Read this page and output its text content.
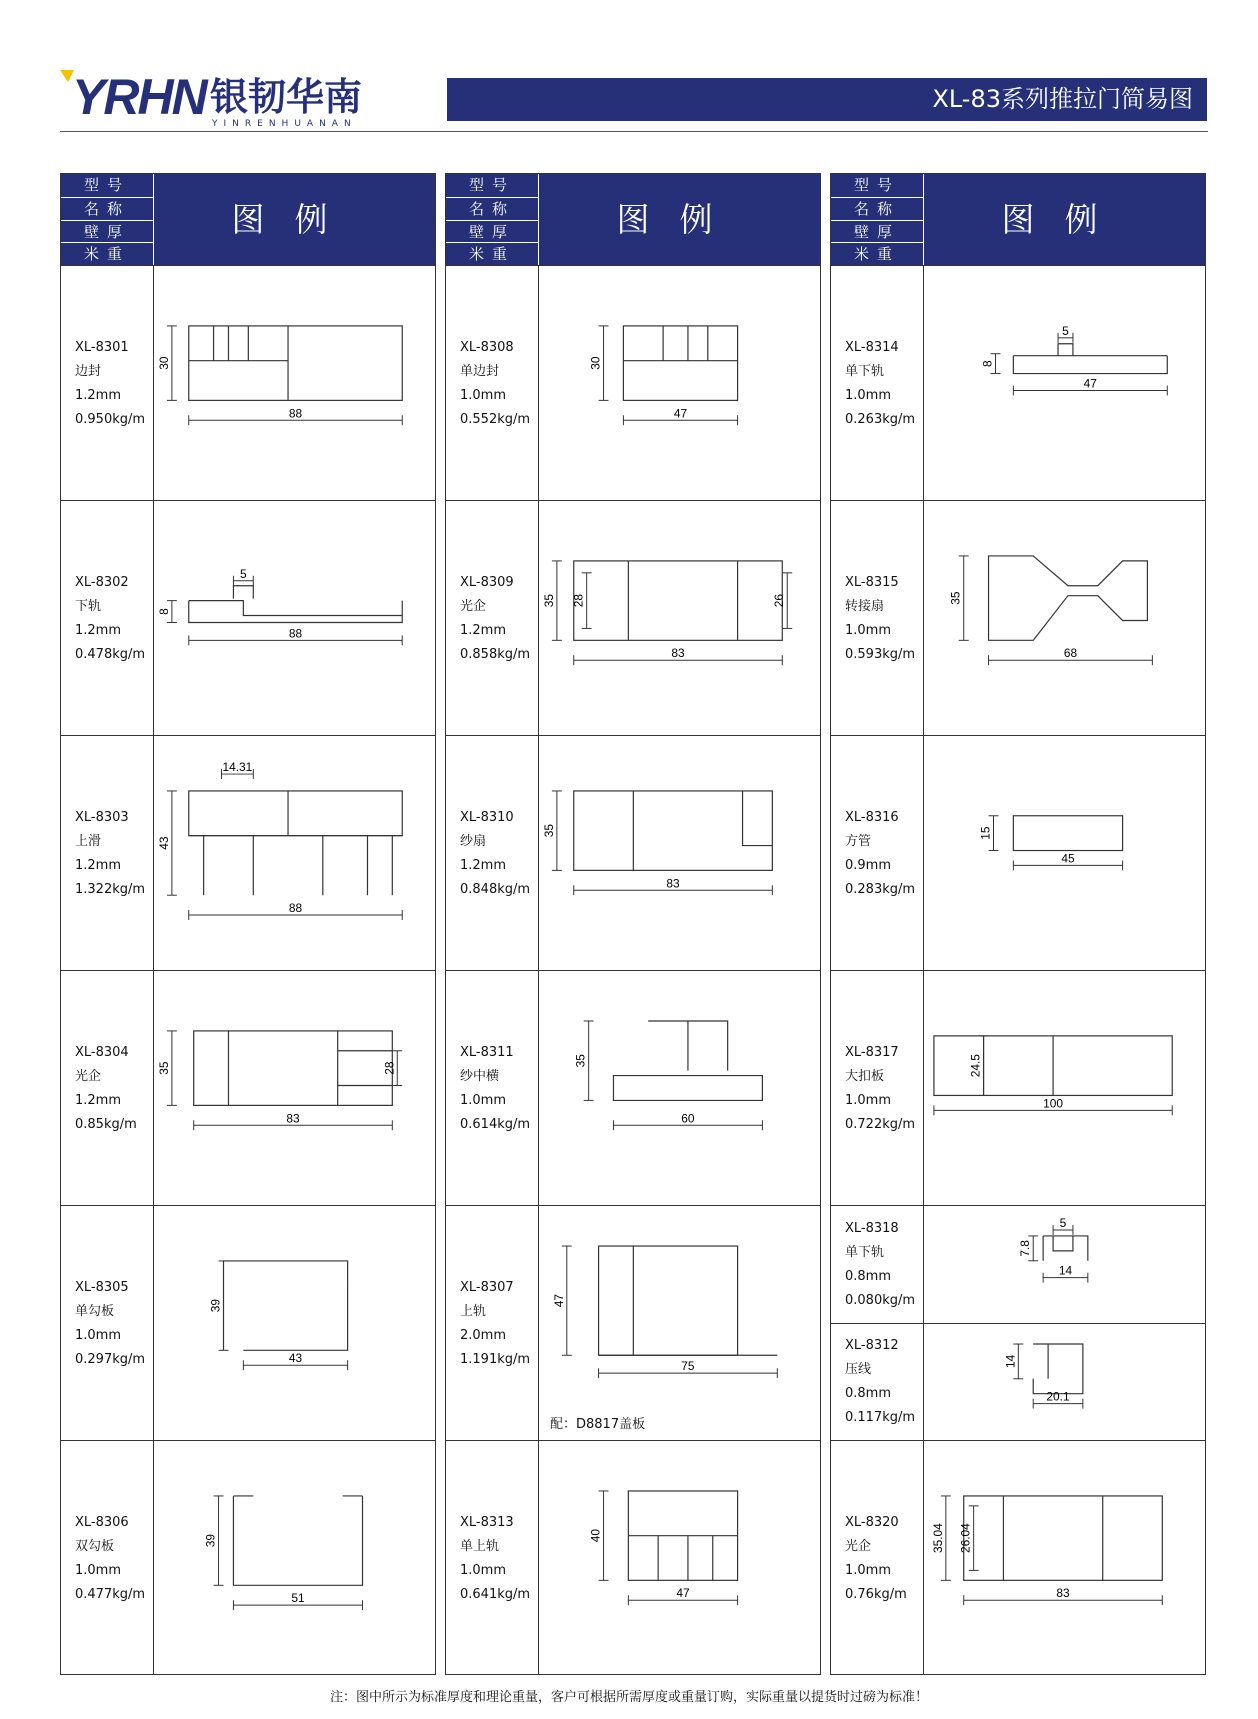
YRHN 银韧华南
YINRENHUANAN
XL-83系列推拉门简易图
型号
名称
壁厚
米重
图例
XL-8301
边封
1.2mm
0.950kg/m
30
88
XL-8302
下轨
1.2mm
0.478kg/m
5
8
88
XL-8303
上滑
1.2mm
1.322kg/m
14.31
43
88
XL-8304
光企
1.2mm
0.85kg/m
35	28
83
XL-8305
单勾板
1.0mm
0.297kg/m
39
43
XL-8306
双勾板
1.0mm
0.477kg/m
39
51
型号
名称
壁厚
米重
图例
XL-8308
单边封
1.0mm
0.552kg/m
30
47
XL-8309
光企
1.2mm
0.858kg/m
35 28	26
83
XL-8310
纱扇
1.2mm
0.848kg/m
35
83
XL-8311
纱中横
1.0mm
0.614kg/m
35
60
XL-8307
上轨
2.0mm
1.191kg/m
47
75
配：D8817盖板
XL-8313
单上轨
1.0mm
0.641kg/m
40
47
型号
名称
壁厚
米重
图例
XL-8314
单下轨
1.0mm
0.263kg/m
5
8
47
XL-8315
转接扇
1.0mm
0.593kg/m
35
68
XL-8316
方管
0.9mm
0.283kg/m
15
45
XL-8317
大扣板
1.0mm
0.722kg/m
24.5
100
XL-8318
单下轨
0.8mm
0.080kg/m
5
7.8
14
XL-8312
压线
0.8mm
0.117kg/m
14
20.1
XL-8320
光企
1.0mm
0.76kg/m
35.04 26.04
83
注：图中所示为标准厚度和理论重量，客户可根据所需厚度或重量订购，实际重量以提货时过磅为标准！
